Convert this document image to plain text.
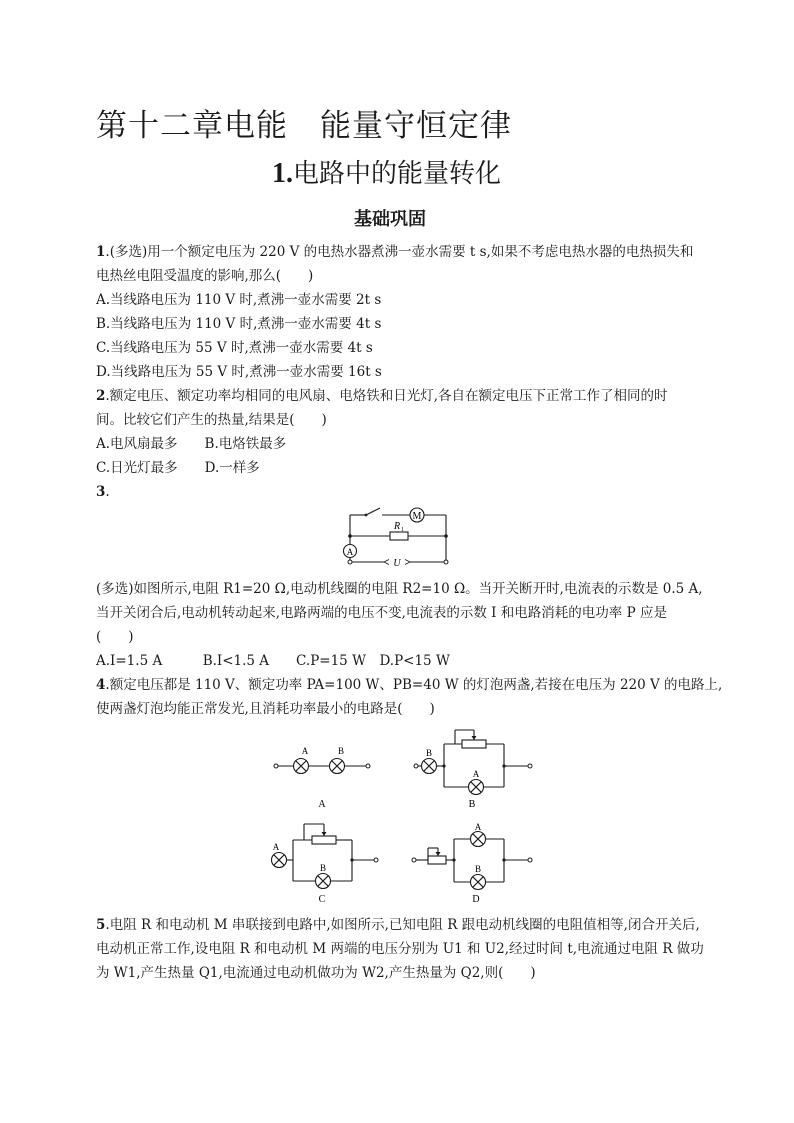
第十二章电能　能量守恒定律
1.电路中的能量转化
基础巩固
1.(多选)用一个额定电压为 220 V 的电热水器煮沸一壶水需要 t s,如果不考虑电热水器的电热损失和
电热丝电阻受温度的影响,那么(　　)
A.当线路电压为 110 V 时,煮沸一壶水需要 2t s
B.当线路电压为 110 V 时,煮沸一壶水需要 4t s
C.当线路电压为 55 V 时,煮沸一壶水需要 4t s
D.当线路电压为 55 V 时,煮沸一壶水需要 16t s
2.额定电压、额定功率均相同的电风扇、电烙铁和日光灯,各自在额定电压下正常工作了相同的时
间。比较它们产生的热量,结果是(　　)
A.电风扇最多　　B.电烙铁最多
C.日光灯最多　　D.一样多
3.
M
R 1
A
U
(多选)如图所示,电阻 R1=20 Ω,电动机线圈的电阻 R2=10 Ω。当开关断开时,电流表的示数是 0.5 A,
当开关闭合后,电动机转动起来,电路两端的电压不变,电流表的示数 I 和电路消耗的电功率 P 应是
(　　)
A.I=1.5 A　　　B.I<1.5 A　　C.P=15 W　D.P<15 W
4.额定电压都是 110 V、额定功率 PA=100 W、PB=40 W 的灯泡两盏,若接在电压为 220 V 的电路上,
使两盏灯泡均能正常发光,且消耗功率最小的电路是(　　)
A	B
A
B
A
B
A
B
C
A
B
D
5.电阻 R 和电动机 M 串联接到电路中,如图所示,已知电阻 R 跟电动机线圈的电阻值相等,闭合开关后,
电动机正常工作,设电阻 R 和电动机 M 两端的电压分别为 U1 和 U2,经过时间 t,电流通过电阻 R 做功
为 W1,产生热量 Q1,电流通过电动机做功为 W2,产生热量为 Q2,则(　　)
